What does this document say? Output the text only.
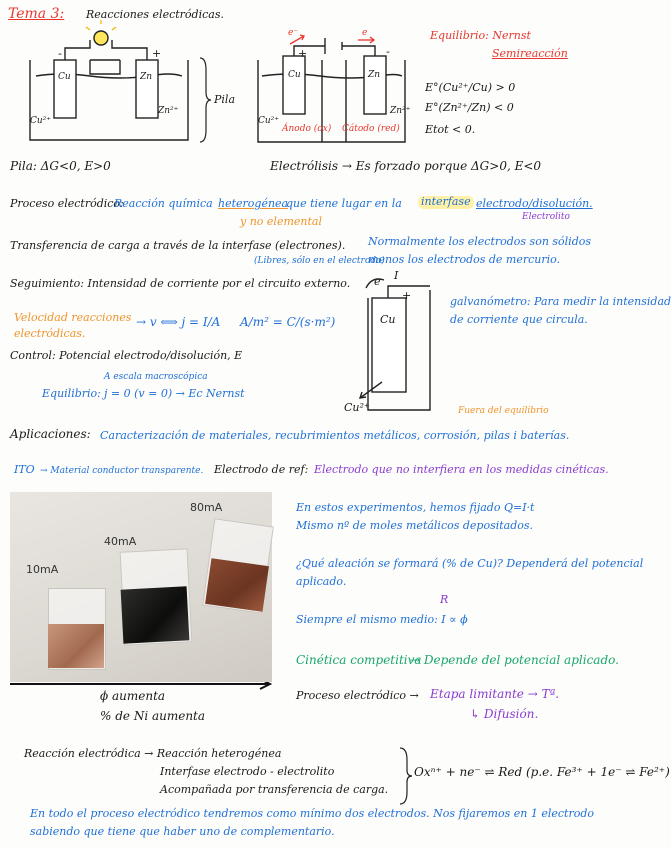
Tema 3: Reacciones electródicas.
Cu	Zn
Cu²⁺
Zn²⁺
+
-
Pila
e⁻	e
Cu	Zn
Cu²⁺
Zn²⁺
Ánodo (ox) Cátodo (red)
+	-
Equilibrio: Nernst
Semireacción
E°(Cu²⁺/Cu) > 0
E°(Zn²⁺/Zn) < 0
Etot < 0.
Pila: ΔG<0, E>0	Electrólisis → Es forzado porque ΔG>0, E<0
Proceso electródico:
Reacción química heterogénea
que tiene lugar en la interfase electrodo/disolución.
Electrolito
y no elemental
Transferencia de carga a través de la interfase (electrones).
(Libres, sólo en el electrodo).
Normalmente los electrodos son sólidos
menos los electrodos de mercurio.
Seguimiento: Intensidad de corriente por el circuito externo. e I
+
Cu
Cu²⁺
galvanómetro: Para medir la intensidad
de corriente que circula.
Velocidad reacciones
electródicas.
→ v ⟺ j = I/A A/m² = C/(s·m²)
Control: Potencial electrodo/disolución, E
A escala macroscópica
Equilibrio: j = 0 (v = 0) → Ec Nernst
Fuera del equilibrio
Aplicaciones: Caracterización de materiales, recubrimientos metálicos, corrosión, pilas i baterías.
ITO → Material conductor transparente. Electrodo de ref: Electrodo que no interfiera en los medidas cinéticas.
10mA
40mA
80mA
ϕ aumenta
% de Ni aumenta
En estos experimentos, hemos fijado Q=I·t
Mismo nº de moles metálicos depositados.
¿Qué aleación se formará (% de Cu)? Dependerá del potencial
aplicado.
R
Siempre el mismo medio: I ∝ ϕ
Cinética competitiva
→ Depende del potencial aplicado.
Proceso electródico → Etapa limitante → Tª.
↳ Difusión.
Reacción electródica → Reacción heterogénea
Interfase electrodo - electrolito
Acompañada por transferencia de carga.
Oxⁿ⁺ + ne⁻ ⇌ Red (p.e. Fe³⁺ + 1e⁻ ⇌ Fe²⁺)
En todo el proceso electródico tendremos como mínimo dos electrodos. Nos fijaremos en 1 electrodo
sabiendo que tiene que haber uno de complementario.
